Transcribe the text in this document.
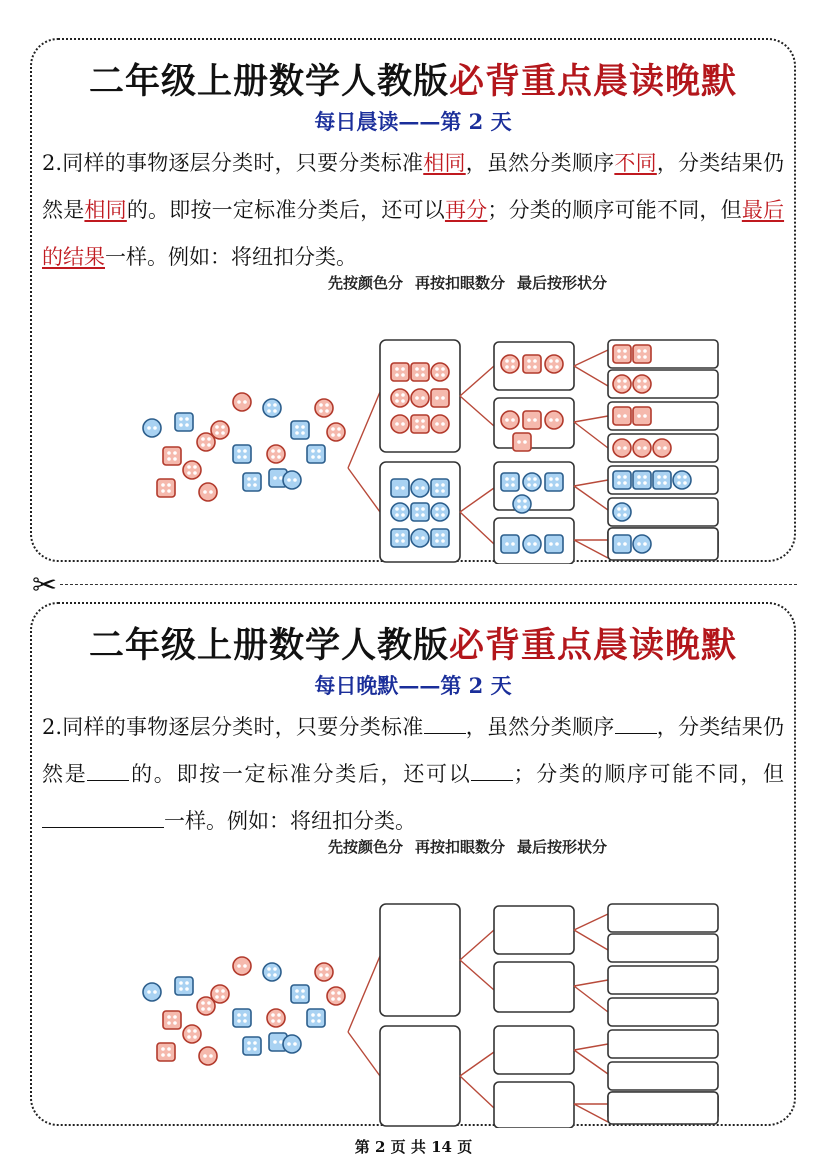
二年级上册数学人教版必背重点晨读晚默
每日晨读——第 2 天
2.同样的事物逐层分类时，只要分类标准相同，虽然分类顺序不同，分类结果仍然是相同的。即按一定标准分类后，还可以再分；分类的顺序可能不同，但最后的结果一样。例如：将纽扣分类。
先按颜色分 再按扣眼数分 最后按形状分
✂
二年级上册数学人教版必背重点晨读晚默
每日晚默——第 2 天
2.同样的事物逐层分类时，只要分类标准 ，虽然分类顺序 ，分类结果仍然是 的。即按一定标准分类后，还可以 ；分类的顺序可能不同，但一样。例如：将纽扣分类。
先按颜色分 再按扣眼数分 最后按形状分
第 2 页 共 14 页
